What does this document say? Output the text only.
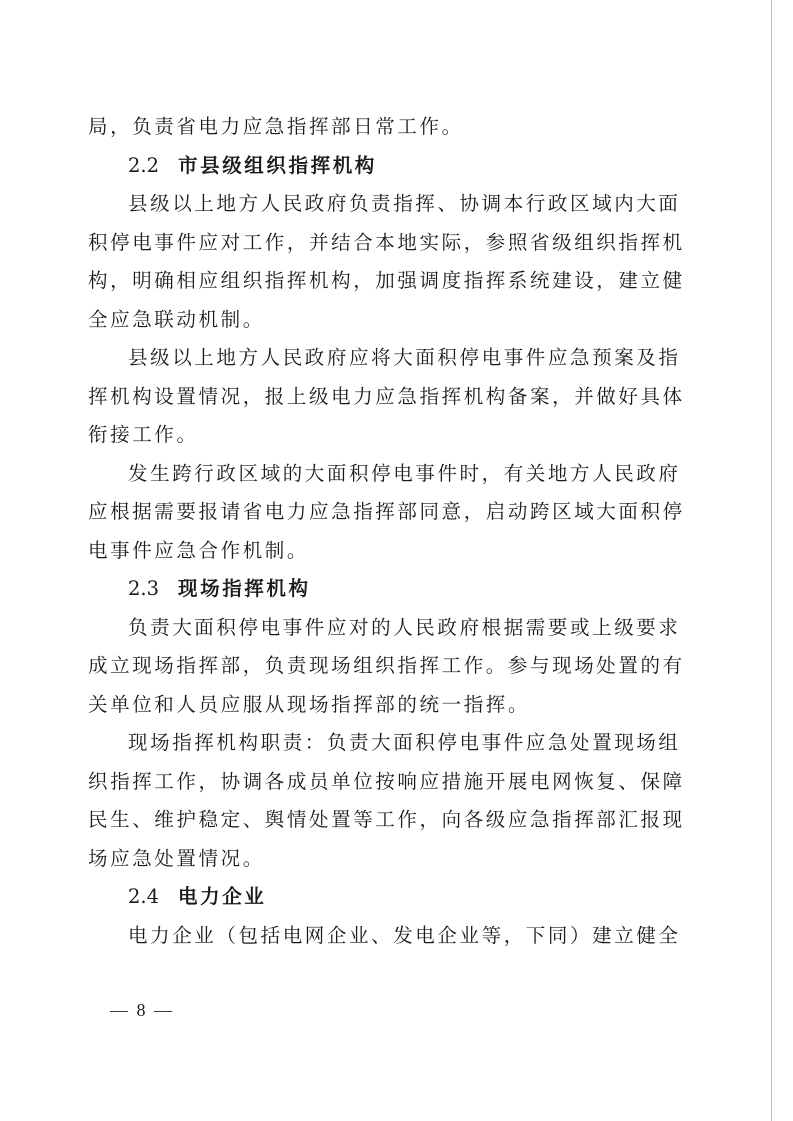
局，负责省电力应急指挥部日常工作。

2.2 市县级组织指挥机构

县级以上地方人民政府负责指挥、协调本行政区域内大面
积停电事件应对工作，并结合本地实际，参照省级组织指挥机
构，明确相应组织指挥机构，加强调度指挥系统建设，建立健
全应急联动机制。

县级以上地方人民政府应将大面积停电事件应急预案及指
挥机构设置情况，报上级电力应急指挥机构备案，并做好具体
衔接工作。

发生跨行政区域的大面积停电事件时，有关地方人民政府
应根据需要报请省电力应急指挥部同意，启动跨区域大面积停
电事件应急合作机制。

2.3 现场指挥机构

负责大面积停电事件应对的人民政府根据需要或上级要求
成立现场指挥部，负责现场组织指挥工作。参与现场处置的有
关单位和人员应服从现场指挥部的统一指挥。

现场指挥机构职责：负责大面积停电事件应急处置现场组
织指挥工作，协调各成员单位按响应措施开展电网恢复、保障
民生、维护稳定、舆情处置等工作，向各级应急指挥部汇报现
场应急处置情况。

2.4 电力企业

电力企业（包括电网企业、发电企业等，下同）建立健全

— 8 —
